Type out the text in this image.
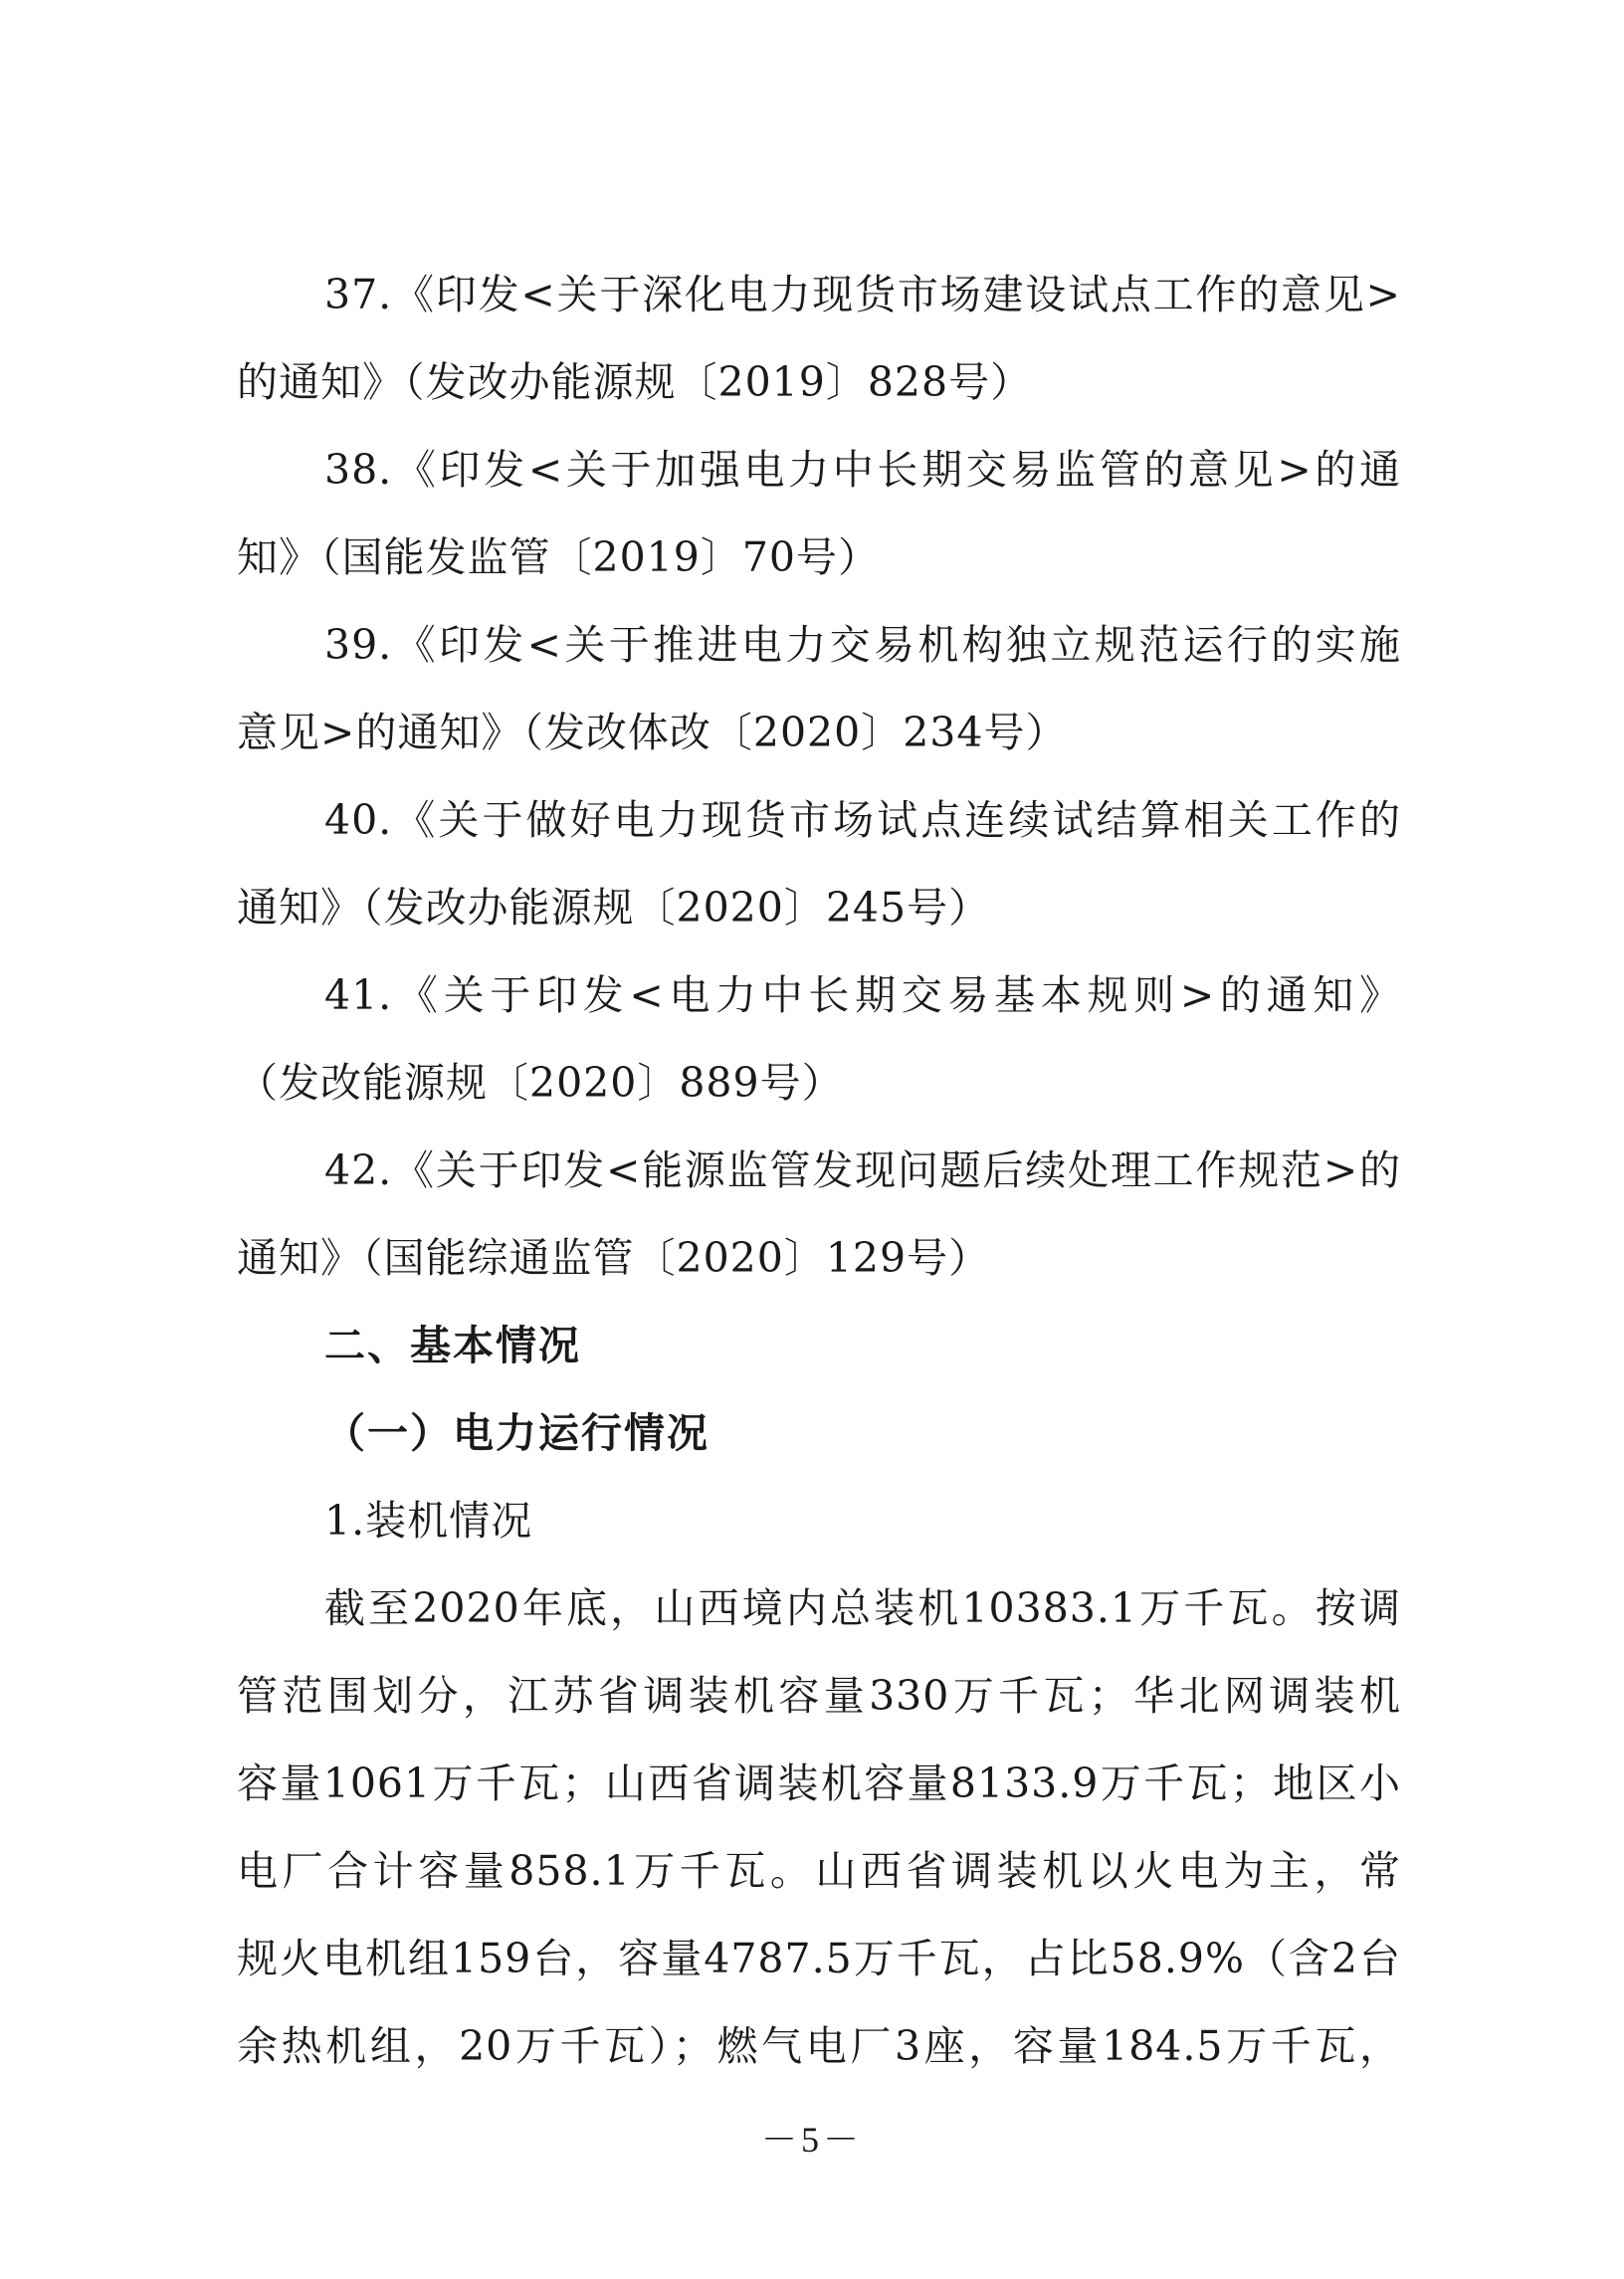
37.《印发<关于深化电力现货市场建设试点工作的意见>
的通知》（发改办能源规〔2019〕828号）
38.《印发<关于加强电力中长期交易监管的意见>的通
知》（国能发监管〔2019〕70号）
39.《印发<关于推进电力交易机构独立规范运行的实施
意见>的通知》（发改体改〔2020〕234号）
40.《关于做好电力现货市场试点连续试结算相关工作的
通知》（发改办能源规〔2020〕245号）
41.《关于印发<电力中长期交易基本规则>的通知》
（发改能源规〔2020〕889号）
42.《关于印发<能源监管发现问题后续处理工作规范>的
通知》（国能综通监管〔2020〕129号）
二、基本情况
（一）电力运行情况
1.装机情况
截至2020年底，山西境内总装机10383.1万千瓦。按调
管范围划分，江苏省调装机容量330万千瓦；华北网调装机
容量1061万千瓦；山西省调装机容量8133.9万千瓦；地区小
电厂合计容量858.1万千瓦。山西省调装机以火电为主，常
规火电机组159台，容量4787.5万千瓦，占比58.9%（含2台
余热机组，20万千瓦）；燃气电厂3座，容量184.5万千瓦，
－5－
